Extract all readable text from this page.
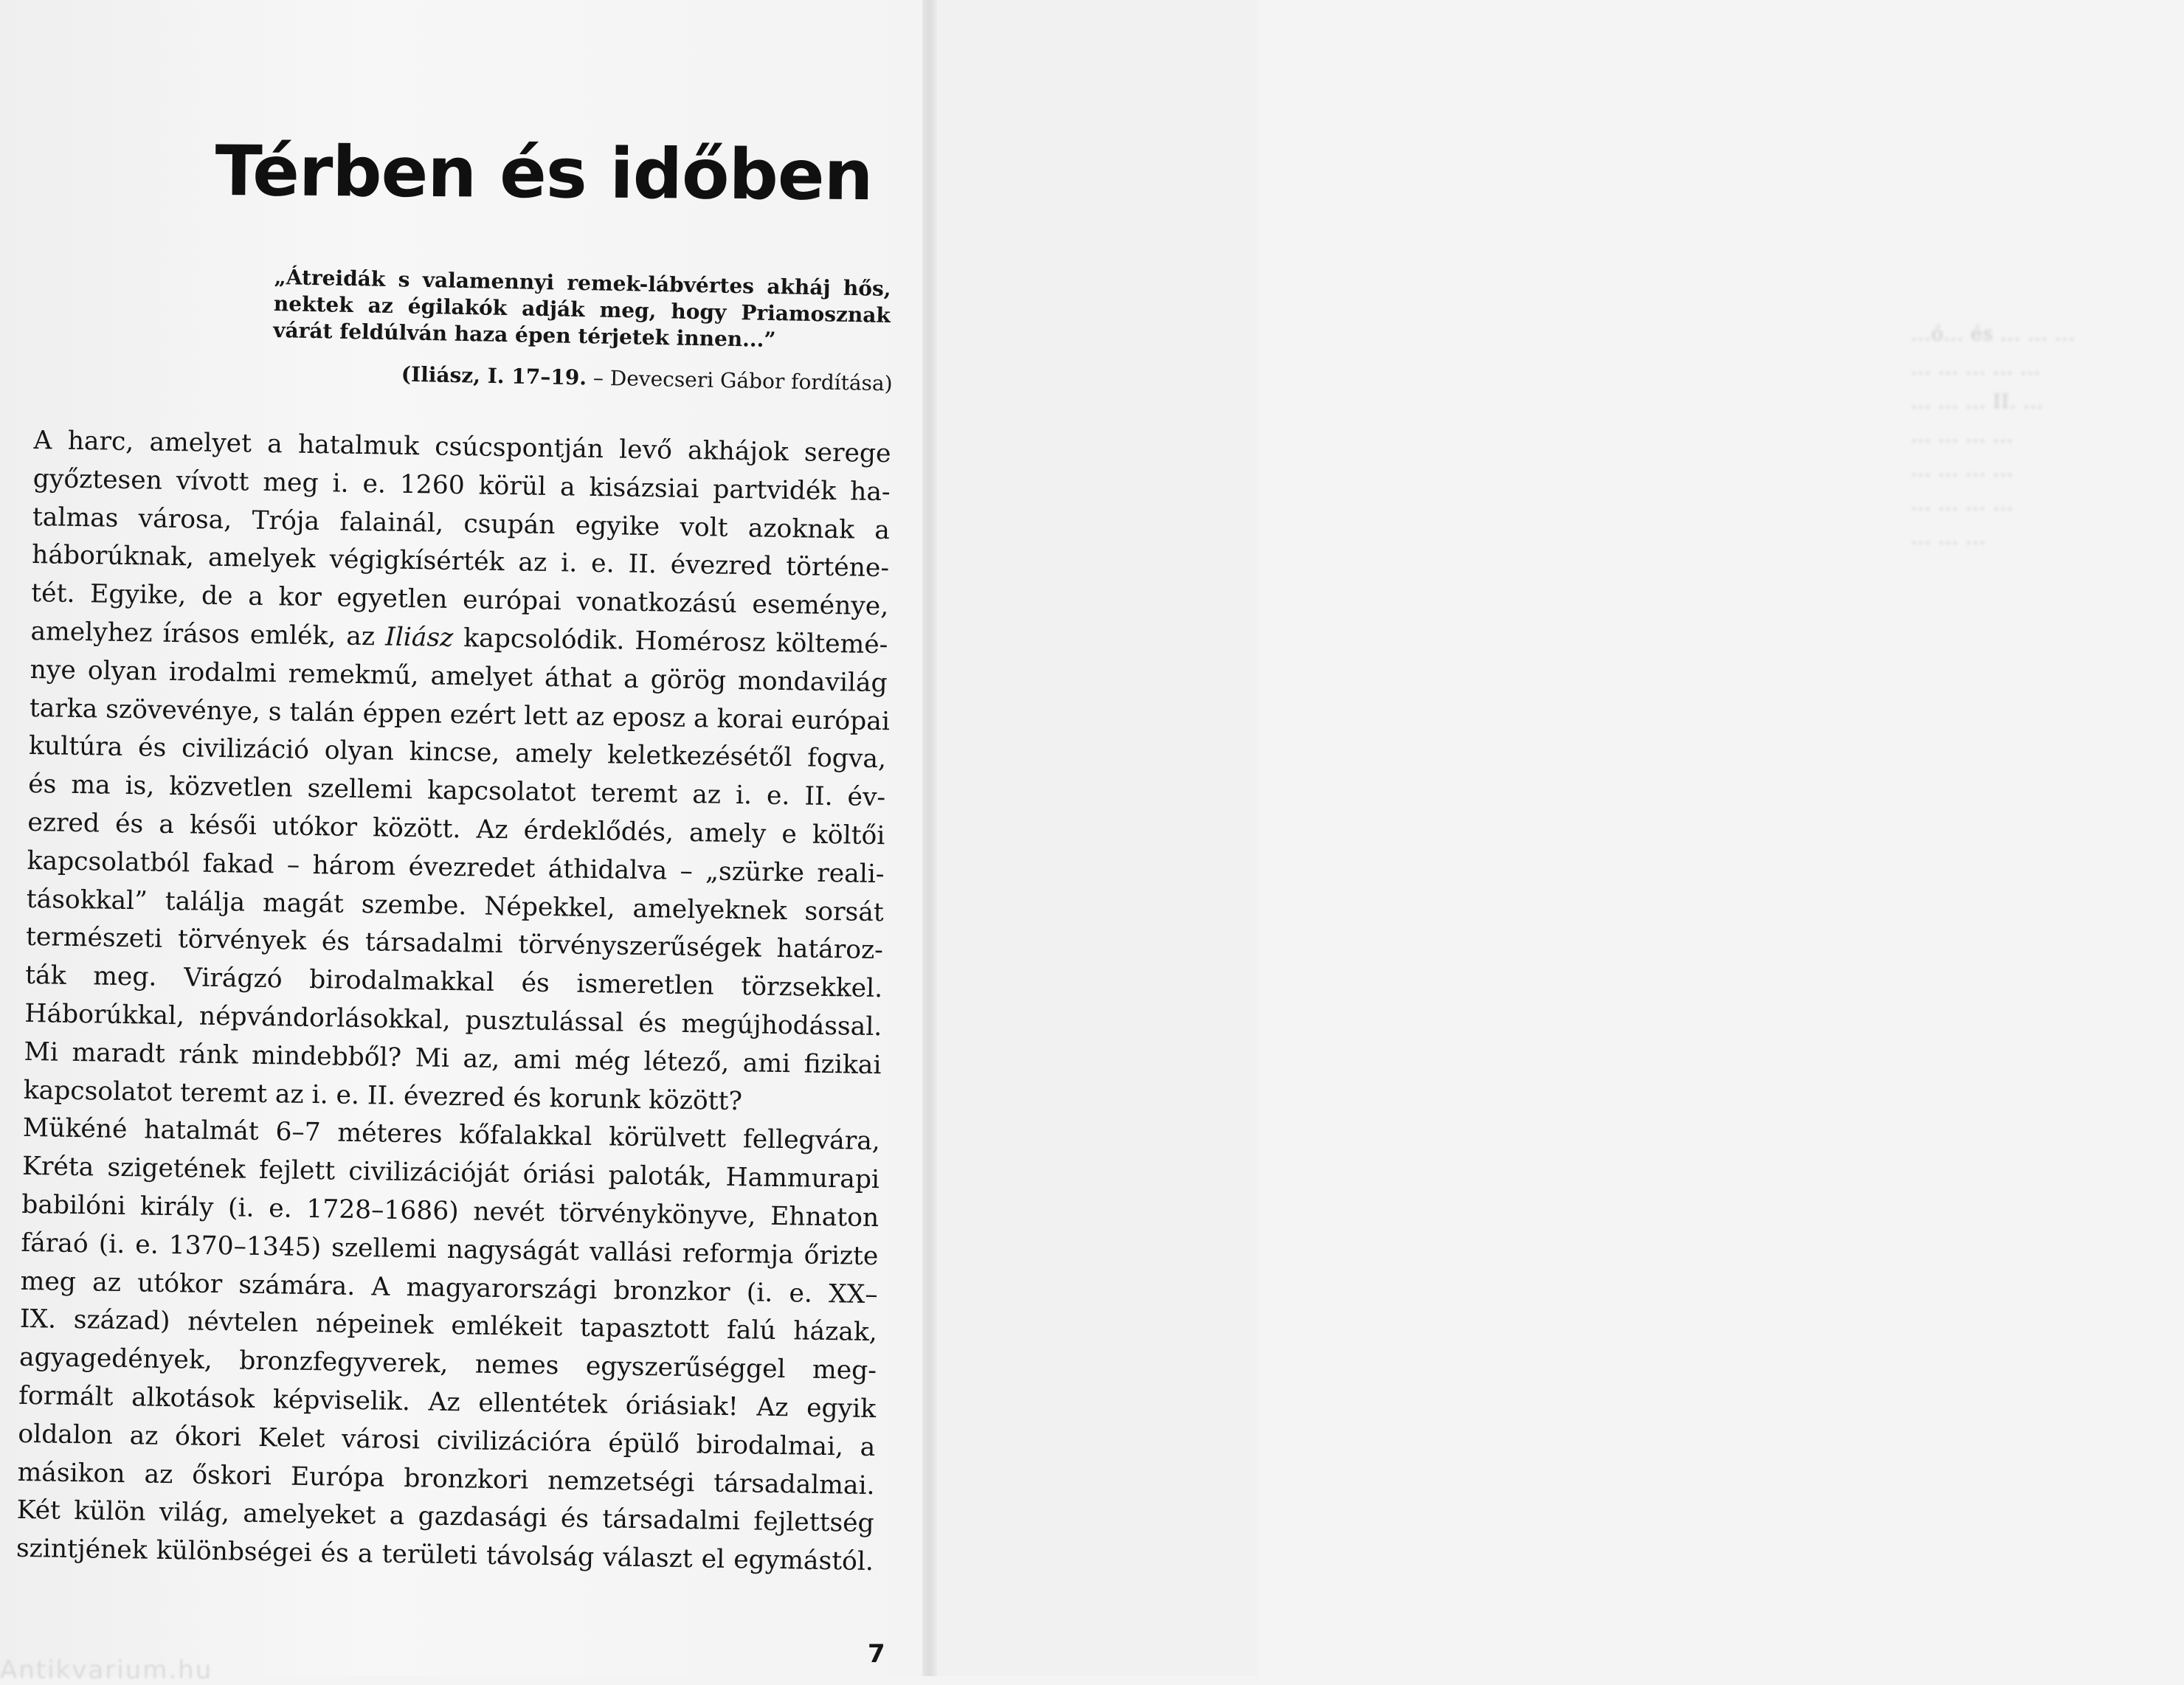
Térben és időben
„Átreidák s valamennyi remek-lábvértes akháj hős, nektek az égilakók adják meg, hogy Priamosznak várát feldúlván haza épen térjetek innen...”
(Iliász, I. 17–19. – Devecseri Gábor fordítása)
A harc, amelyet a hatalmuk csúcspontján levő akhájok serege
győztesen vívott meg i. e. 1260 körül a kisázsiai partvidék ha-
talmas városa, Trója falainál, csupán egyike volt azoknak a
háborúknak, amelyek végigkísérték az i. e. II. évezred történe-
tét. Egyike, de a kor egyetlen európai vonatkozású eseménye,
amelyhez írásos emlék, az Iliász kapcsolódik. Homérosz költemé-
nye olyan irodalmi remekmű, amelyet áthat a görög mondavilág
tarka szövevénye, s talán éppen ezért lett az eposz a korai európai
kultúra és civilizáció olyan kincse, amely keletkezésétől fogva,
és ma is, közvetlen szellemi kapcsolatot teremt az i. e. II. év-
ezred és a késői utókor között. Az érdeklődés, amely e költői
kapcsolatból fakad – három évezredet áthidalva – „szürke reali-
tásokkal” találja magát szembe. Népekkel, amelyeknek sorsát
természeti törvények és társadalmi törvényszerűségek határoz-
ták meg. Virágzó birodalmakkal és ismeretlen törzsekkel.
Háborúkkal, népvándorlásokkal, pusztulással és megújhodással.
Mi maradt ránk mindebből? Mi az, ami még létező, ami fizikai
kapcsolatot teremt az i. e. II. évezred és korunk között?
Mükéné hatalmát 6–7 méteres kőfalakkal körülvett fellegvára,
Kréta szigetének fejlett civilizációját óriási paloták, Hammurapi
babilóni király (i. e. 1728–1686) nevét törvénykönyve, Ehnaton
fáraó (i. e. 1370–1345) szellemi nagyságát vallási reformja őrizte
meg az utókor számára. A magyarországi bronzkor (i. e. XX–
IX. század) névtelen népeinek emlékeit tapasztott falú házak,
agyagedények, bronzfegyverek, nemes egyszerűséggel meg-
formált alkotások képviselik. Az ellentétek óriásiak! Az egyik
oldalon az ókori Kelet városi civilizációra épülő birodalmai, a
másikon az őskori Európa bronzkori nemzetségi társadalmai.
Két külön világ, amelyeket a gazdasági és társadalmi fejlettség
szintjének különbségei és a területi távolság választ el egymástól.
7
Antikvarium.hu
...ó... és ... ... ...
... ... ... ... ...
... ... ... II. ...
... ... ... ...
... ... ... ...
... ... ... ...
... ... ...
